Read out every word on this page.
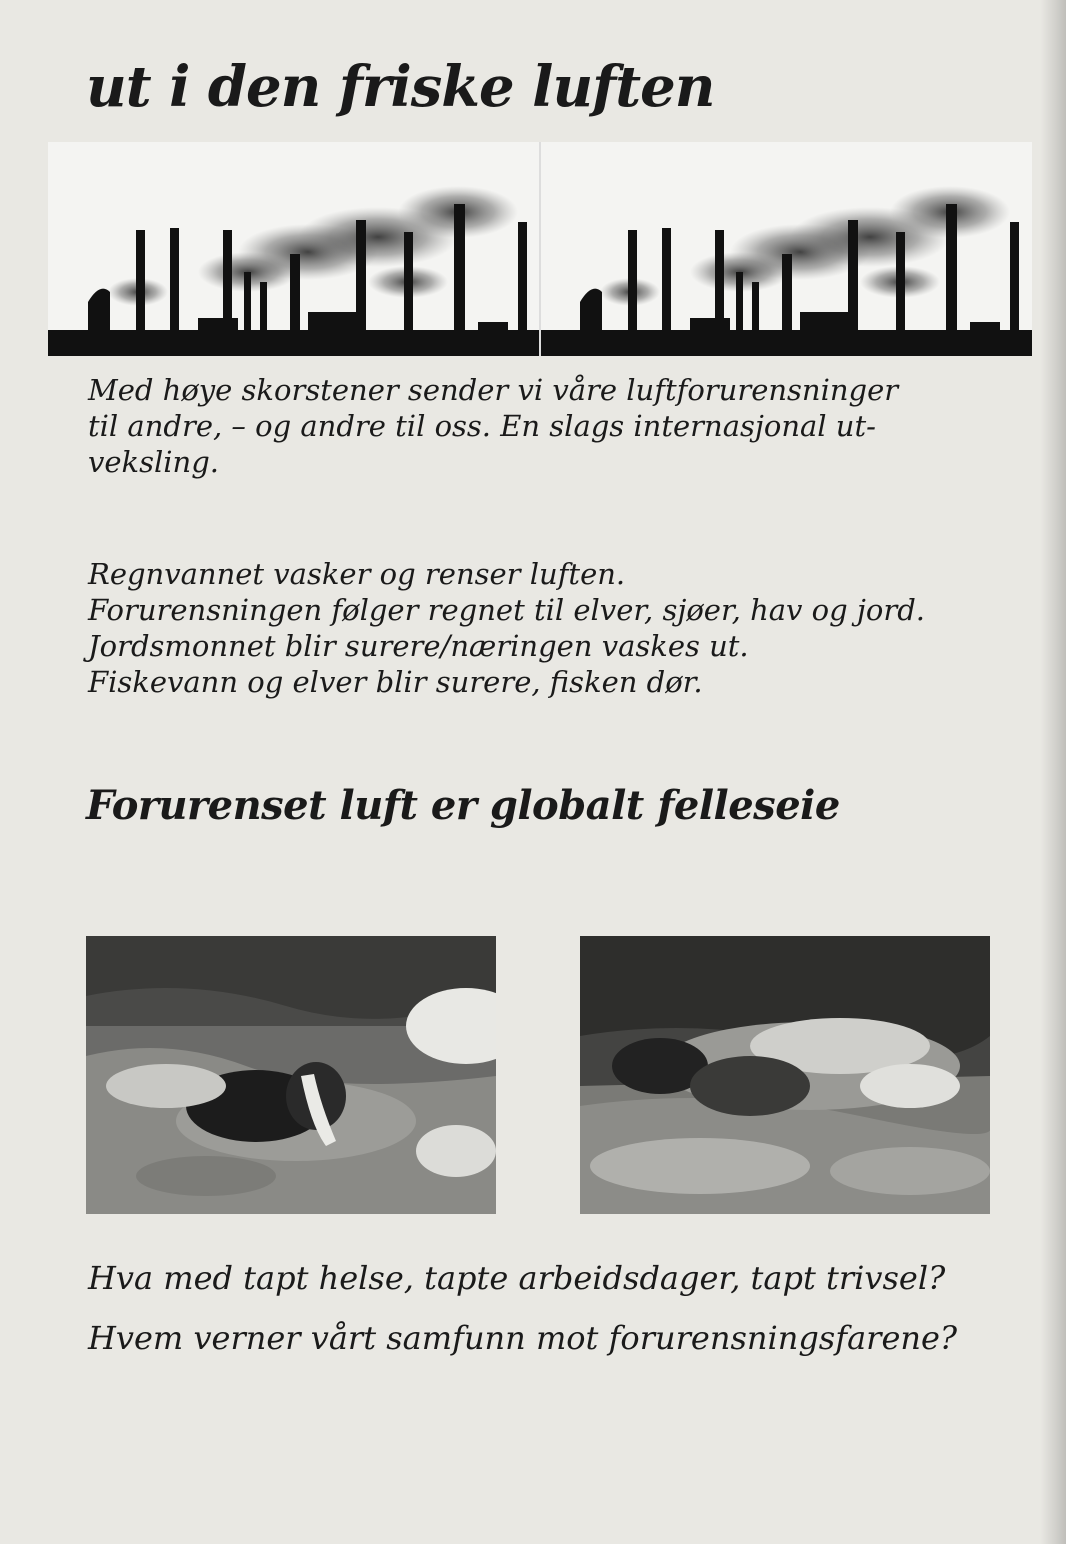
ut i den friske luften

Med høye skorstener sender vi våre luftforurensninger
til andre, – og andre til oss. En slags internasjonal ut-
veksling.

Regnvannet vasker og renser luften.
Forurensningen følger regnet til elver, sjøer, hav og jord.
Jordsmonnet blir surere/næringen vaskes ut.
Fiskevann og elver blir surere, fisken dør.

Forurenset luft er globalt felleseie

Hva med tapt helse, tapte arbeidsdager, tapt trivsel?

Hvem verner vårt samfunn mot forurensningsfarene?
